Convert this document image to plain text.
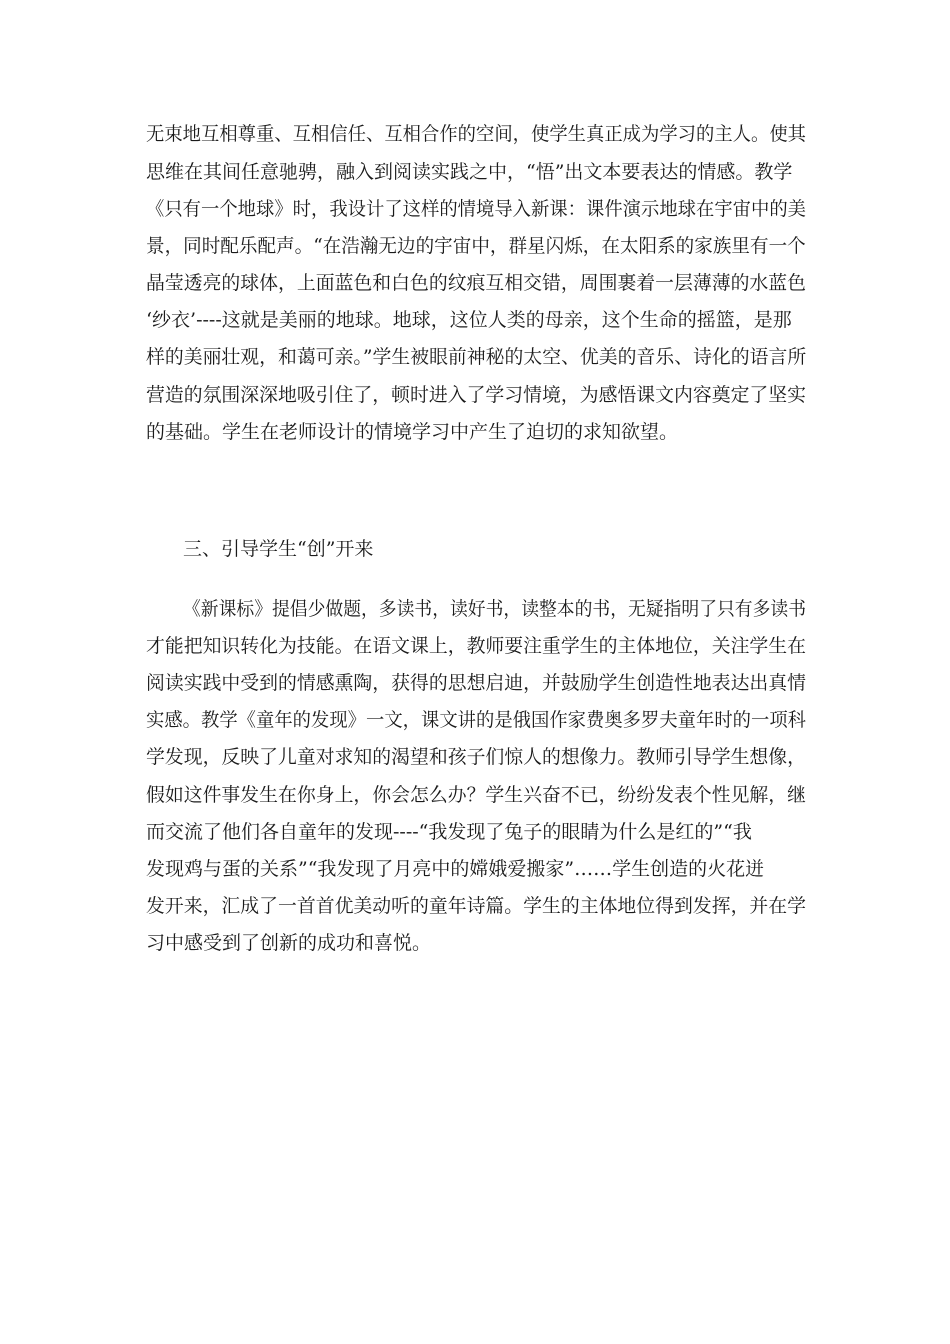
无束地互相尊重、互相信任、互相合作的空间，使学生真正成为学习的主人。使其
思维在其间任意驰骋，融入到阅读实践之中，“悟”出文本要表达的情感。教学
《只有一个地球》时，我设计了这样的情境导入新课：课件演示地球在宇宙中的美
景，同时配乐配声。“在浩瀚无边的宇宙中，群星闪烁，在太阳系的家族里有一个
晶莹透亮的球体，上面蓝色和白色的纹痕互相交错，周围裹着一层薄薄的水蓝色
‘纱衣’----这就是美丽的地球。地球，这位人类的母亲，这个生命的摇篮，是那
样的美丽壮观，和蔼可亲。”学生被眼前神秘的太空、优美的音乐、诗化的语言所
营造的氛围深深地吸引住了，顿时进入了学习情境，为感悟课文内容奠定了坚实
的基础。学生在老师设计的情境学习中产生了迫切的求知欲望。
三、引导学生“创”开来
《新课标》提倡少做题，多读书，读好书，读整本的书，无疑指明了只有多读书
才能把知识转化为技能。在语文课上，教师要注重学生的主体地位，关注学生在
阅读实践中受到的情感熏陶，获得的思想启迪，并鼓励学生创造性地表达出真情
实感。教学《童年的发现》一文，课文讲的是俄国作家费奥多罗夫童年时的一项科
学发现，反映了儿童对求知的渴望和孩子们惊人的想像力。教师引导学生想像，
假如这件事发生在你身上，你会怎么办？学生兴奋不已，纷纷发表个性见解，继
而交流了他们各自童年的发现----“我发现了兔子的眼睛为什么是红的”“我
发现鸡与蛋的关系”“我发现了月亮中的嫦娥爱搬家”……学生创造的火花迸
发开来，汇成了一首首优美动听的童年诗篇。学生的主体地位得到发挥，并在学
习中感受到了创新的成功和喜悦。
